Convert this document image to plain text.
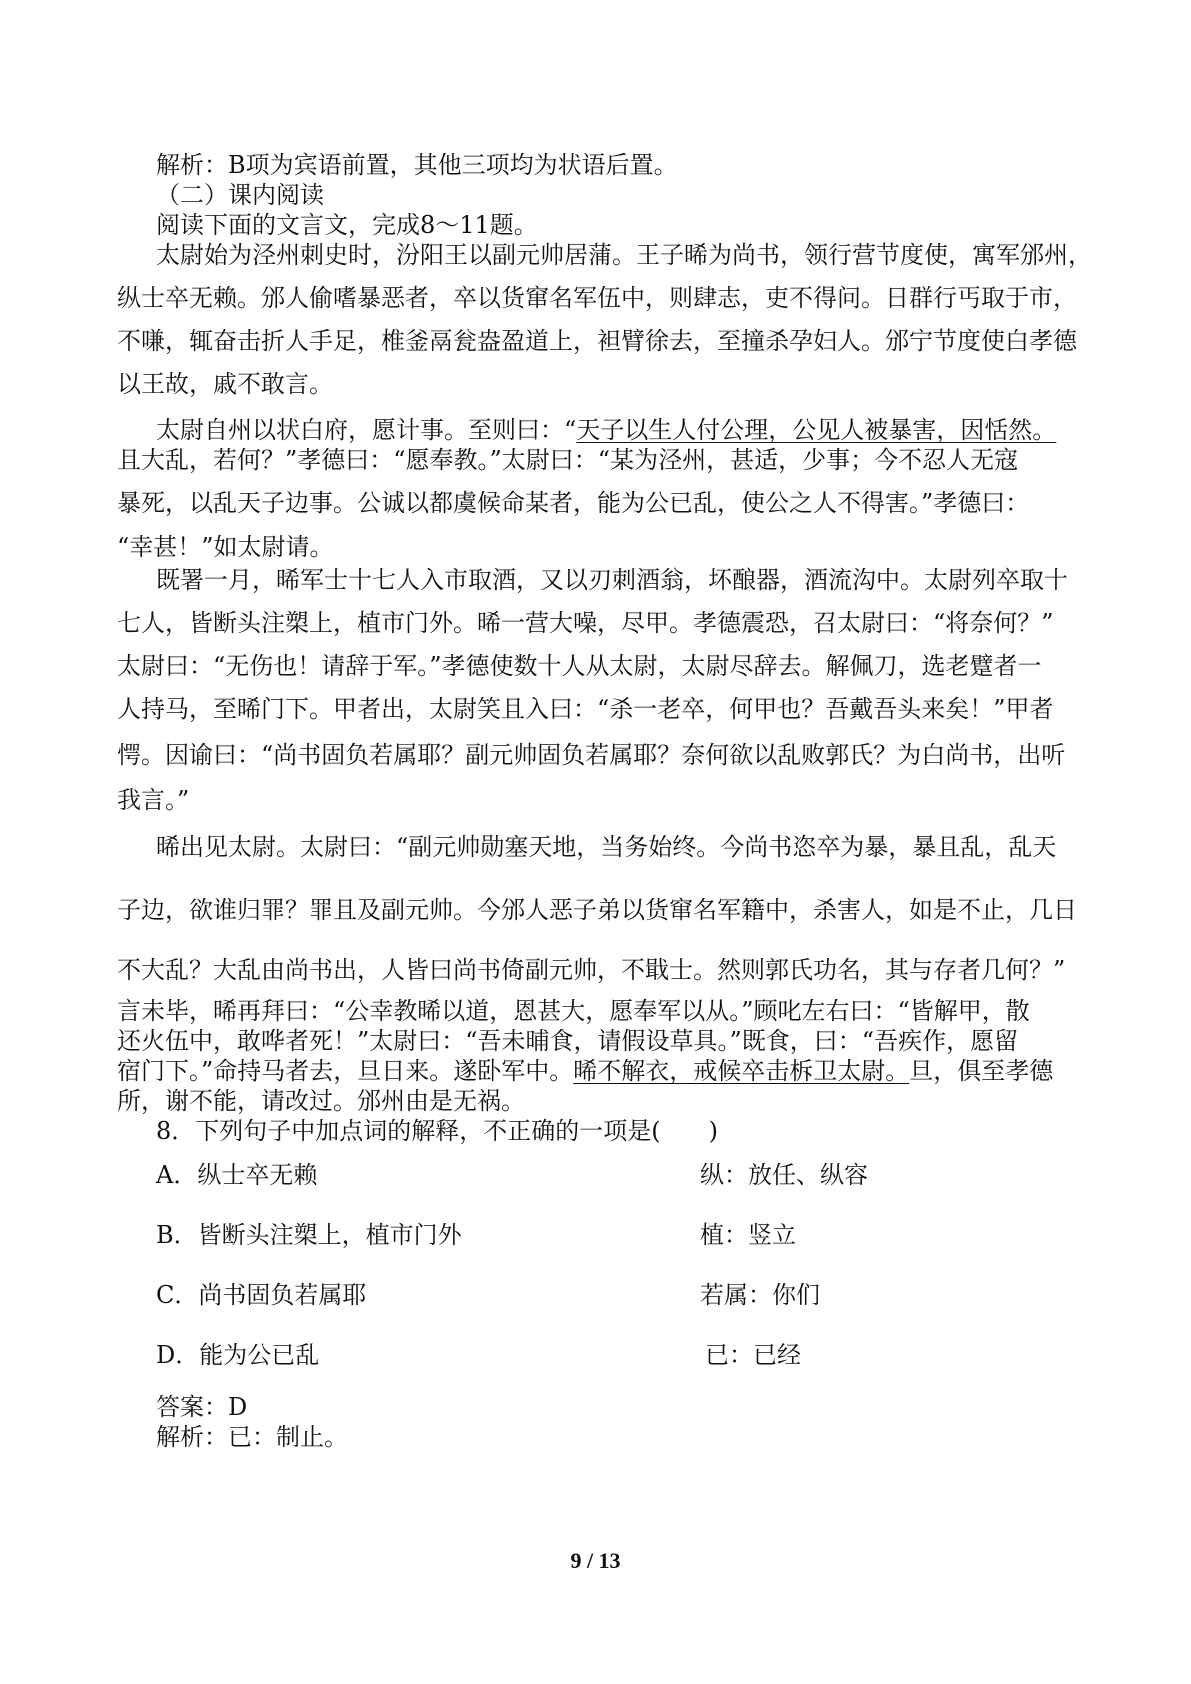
解析：B项为宾语前置，其他三项均为状语后置。
（二）课内阅读
阅读下面的文言文，完成8～11题。
太尉始为泾州刺史时，汾阳王以副元帅居蒲。王子晞为尚书，领行营节度使，寓军邠州，
纵士卒无赖。邠人偷嗜暴恶者，卒以货窜名军伍中，则肆志，吏不得问。日群行丐取于市，
不嗛，辄奋击折人手足，椎釜鬲瓮盎盈道上，袒臂徐去，至撞杀孕妇人。邠宁节度使白孝德
以王故，戚不敢言。
太尉自州以状白府，愿计事。至则曰：“天子以生人付公理，公见人被暴害，因恬然。
且大乱，若何？”孝德曰：“愿奉教。”太尉曰：“某为泾州，甚适，少事；今不忍人无寇
暴死，以乱天子边事。公诚以都虞候命某者，能为公已乱，使公之人不得害。”孝德曰：
“幸甚！”如太尉请。
既署一月，晞军士十七人入市取酒，又以刃刺酒翁，坏酿器，酒流沟中。太尉列卒取十
七人，皆断头注槊上，植市门外。晞一营大噪，尽甲。孝德震恐，召太尉曰：“将奈何？”
太尉曰：“无伤也！请辞于军。”孝德使数十人从太尉，太尉尽辞去。解佩刀，选老躄者一
人持马，至晞门下。甲者出，太尉笑且入曰：“杀一老卒，何甲也？吾戴吾头来矣！”甲者
愕。因谕曰：“尚书固负若属耶？副元帅固负若属耶？奈何欲以乱败郭氏？为白尚书，出听
我言。”
晞出见太尉。太尉曰：“副元帅勋塞天地，当务始终。今尚书恣卒为暴，暴且乱，乱天
子边，欲谁归罪？罪且及副元帅。今邠人恶子弟以货窜名军籍中，杀害人，如是不止，几日
不大乱？大乱由尚书出，人皆曰尚书倚副元帅，不戢士。然则郭氏功名，其与存者几何？”
言未毕，晞再拜曰：“公幸教晞以道，恩甚大，愿奉军以从。”顾叱左右曰：“皆解甲，散
还火伍中，敢哗者死！”太尉曰：“吾未晡食，请假设草具。”既食，曰：“吾疾作，愿留
宿门下。”命持马者去，旦日来。遂卧军中。晞不解衣，戒候卒击柝卫太尉。旦，俱至孝德
所，谢不能，请改过。邠州由是无祸。
8．下列句子中加点词的解释，不正确的一项是(　　)
A．纵士卒无赖	纵：放任、纵容
B．皆断头注槊上，植市门外	植：竖立
C．尚书固负若属耶	若属：你们
D．能为公已乱	已：已经
答案：D
解析：已：制止。
9 / 13
